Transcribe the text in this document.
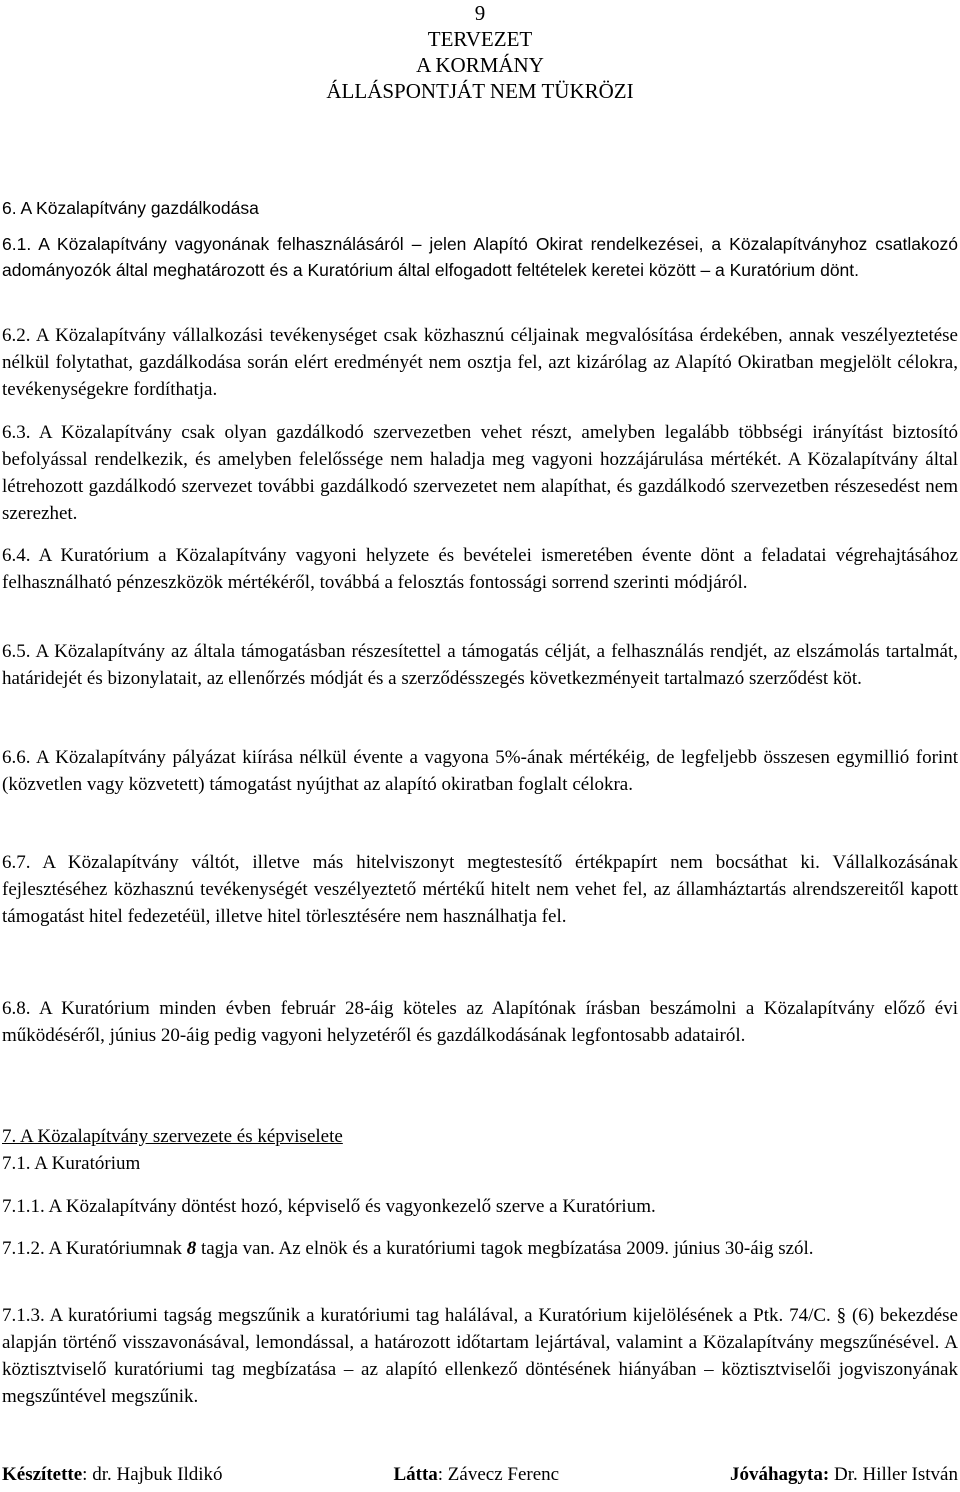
9
TERVEZET
A KORMÁNY
ÁLLÁSPONTJÁT NEM TÜKRÖZI

6. A Közalapítvány gazdálkodása

6.1. A Közalapítvány vagyonának felhasználásáról – jelen Alapító Okirat rendelkezései, a Közalapítványhoz csatlakozó adományozók által meghatározott és a Kuratórium által elfogadott feltételek keretei között – a Kuratórium dönt.

6.2. A Közalapítvány vállalkozási tevékenységet csak közhasznú céljainak megvalósítása érdekében, annak veszélyeztetése nélkül folytathat, gazdálkodása során elért eredményét nem osztja fel, azt kizárólag az Alapító Okiratban megjelölt célokra, tevékenységekre fordíthatja.

6.3. A Közalapítvány csak olyan gazdálkodó szervezetben vehet részt, amelyben legalább többségi irányítást biztosító befolyással rendelkezik, és amelyben felelőssége nem haladja meg vagyoni hozzájárulása mértékét. A Közalapítvány által létrehozott gazdálkodó szervezet további gazdálkodó szervezetet nem alapíthat, és gazdálkodó szervezetben részesedést nem szerezhet.

6.4. A Kuratórium a Közalapítvány vagyoni helyzete és bevételei ismeretében évente dönt a feladatai végrehajtásához felhasználható pénzeszközök mértékéről, továbbá a felosztás fontossági sorrend szerinti módjáról.

6.5. A Közalapítvány az általa támogatásban részesítettel a támogatás célját, a felhasználás rendjét, az elszámolás tartalmát, határidejét és bizonylatait, az ellenőrzés módját és a szerződésszegés következményeit tartalmazó szerződést köt.

6.6. A Közalapítvány pályázat kiírása nélkül évente a vagyona 5%-ának mértékéig, de legfeljebb összesen egymillió forint (közvetlen vagy közvetett) támogatást nyújthat az alapító okiratban foglalt célokra.

6.7. A Közalapítvány váltót, illetve más hitelviszonyt megtestesítő értékpapírt nem bocsáthat ki. Vállalkozásának fejlesztéséhez közhasznú tevékenységét veszélyeztető mértékű hitelt nem vehet fel, az államháztartás alrendszereitől kapott támogatást hitel fedezetéül, illetve hitel törlesztésére nem használhatja fel.

6.8. A Kuratórium minden évben február 28-áig köteles az Alapítónak írásban beszámolni a Közalapítvány előző évi működéséről, június 20-áig pedig vagyoni helyzetéről és gazdálkodásának legfontosabb adatairól.

7. A Közalapítvány szervezete és képviselete

7.1. A Kuratórium

7.1.1. A Közalapítvány döntést hozó, képviselő és vagyonkezelő szerve a Kuratórium.

7.1.2. A Kuratóriumnak 8 tagja van. Az elnök és a kuratóriumi tagok megbízatása 2009. június 30-áig szól.

7.1.3. A kuratóriumi tagság megszűnik a kuratóriumi tag halálával, a Kuratórium kijelölésének a Ptk. 74/C. § (6) bekezdése alapján történő visszavonásával, lemondással, a határozott időtartam lejártával, valamint a Közalapítvány megszűnésével. A köztisztviselő kuratóriumi tag megbízatása – az alapító ellenkező döntésének hiányában – köztisztviselői jogviszonyának megszűntével megszűnik.

Készítette: dr. Hajbuk Ildikó	Látta: Závecz Ferenc	Jóváhagyta: Dr. Hiller István
